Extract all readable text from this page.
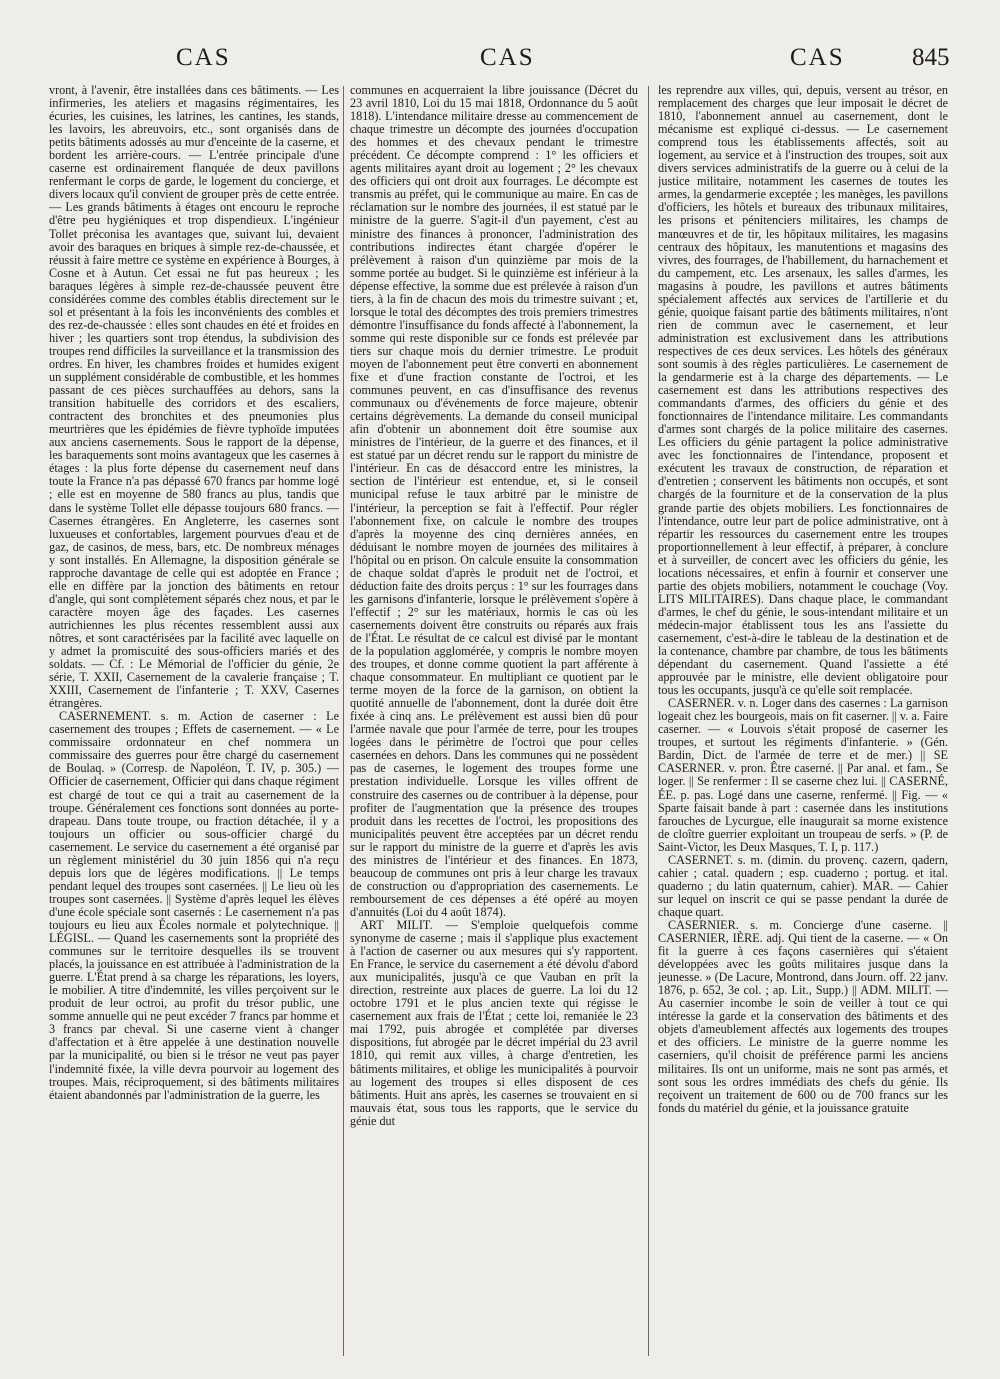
CAS	CAS	CAS	845

vront, à l'avenir, être installées dans ces bâtiments. — Les infirmeries, les ateliers et magasins régimentaires, les écuries, les cuisines, les latrines, les cantines, les stands, les lavoirs, les abreuvoirs, etc., sont organisés dans de petits bâtiments adossés au mur d'enceinte de la caserne, et bordent les arrière-cours. — L'entrée principale d'une caserne est ordinairement flanquée de deux pavillons renfermant le corps de garde, le logement du concierge, et divers locaux qu'il convient de grouper près de cette entrée. — Les grands bâtiments à étages ont encouru le reproche d'être peu hygiéniques et trop dispendieux. L'ingénieur Tollet préconisa les avantages que, suivant lui, devaient avoir des baraques en briques à simple rez-de-chaussée, et réussit à faire mettre ce système en expérience à Bourges, à Cosne et à Autun. Cet essai ne fut pas heureux ; les baraques légères à simple rez-de-chaussée peuvent être considérées comme des combles établis directement sur le sol et présentant à la fois les inconvénients des combles et des rez-de-chaussée : elles sont chaudes en été et froides en hiver ; les quartiers sont trop étendus, la subdivision des troupes rend difficiles la surveillance et la transmission des ordres. En hiver, les chambres froides et humides exigent un supplément considérable de combustible, et les hommes passant de ces pièces surchauffées au dehors, sans la transition habituelle des corridors et des escaliers, contractent des bronchites et des pneumonies plus meurtrières que les épidémies de fièvre typhoïde imputées aux anciens casernements. Sous le rapport de la dépense, les baraquements sont moins avantageux que les casernes à étages : la plus forte dépense du casernement neuf dans toute la France n'a pas dépassé 670 francs par homme logé ; elle est en moyenne de 580 francs au plus, tandis que dans le système Tollet elle dépasse toujours 680 francs. — Casernes étrangères. En Angleterre, les casernes sont luxueuses et confortables, largement pourvues d'eau et de gaz, de casinos, de mess, bars, etc. De nombreux ménages y sont installés. En Allemagne, la disposition générale se rapproche davantage de celle qui est adoptée en France ; elle en diffère par la jonction des bâtiments en retour d'angle, qui sont complètement séparés chez nous, et par le caractère moyen âge des façades. Les casernes autrichiennes les plus récentes ressemblent aussi aux nôtres, et sont caractérisées par la facilité avec laquelle on y admet la promiscuité des sous-officiers mariés et des soldats. — Cf. : Le Mémorial de l'officier du génie, 2e série, T. XXII, Casernement de la cavalerie française ; T. XXIII, Casernement de l'infanterie ; T. XXV, Casernes étrangères.

CASERNEMENT. s. m. Action de caserner : Le casernement des troupes ; Effets de casernement. — « Le commissaire ordonnateur en chef nommera un commissaire des guerres pour être chargé du casernement de Boulaq. » (Corresp. de Napoléon, T. IV, p. 305.) — Officier de casernement, Officier qui dans chaque régiment est chargé de tout ce qui a trait au casernement de la troupe. Généralement ces fonctions sont données au porte-drapeau. Dans toute troupe, ou fraction détachée, il y a toujours un officier ou sous-officier chargé du casernement. Le service du casernement a été organisé par un règlement ministériel du 30 juin 1856 qui n'a reçu depuis lors que de légères modifications. || Le temps pendant lequel des troupes sont casernées. || Le lieu où les troupes sont casernées. || Système d'après lequel les élèves d'une école spéciale sont casernés : Le casernement n'a pas toujours eu lieu aux Écoles normale et polytechnique. || LÉGISL. — Quand les casernements sont la propriété des communes sur le territoire desquelles ils se trouvent placés, la jouissance en est attribuée à l'administration de la guerre. L'État prend à sa charge les réparations, les loyers, le mobilier. A titre d'indemnité, les villes perçoivent sur le produit de leur octroi, au profit du trésor public, une somme annuelle qui ne peut excéder 7 francs par homme et 3 francs par cheval. Si une caserne vient à changer d'affectation et à être appelée à une destination nouvelle par la municipalité, ou bien si le trésor ne veut pas payer l'indemnité fixée, la ville devra pourvoir au logement des troupes. Mais, réciproquement, si des bâtiments militaires étaient abandonnés par l'administration de la guerre, les

communes en acquerraient la libre jouissance (Décret du 23 avril 1810, Loi du 15 mai 1818, Ordonnance du 5 août 1818). L'intendance militaire dresse au commencement de chaque trimestre un décompte des journées d'occupation des hommes et des chevaux pendant le trimestre précédent. Ce décompte comprend : 1° les officiers et agents militaires ayant droit au logement ; 2° les chevaux des officiers qui ont droit aux fourrages. Le décompte est transmis au préfet, qui le communique au maire. En cas de réclamation sur le nombre des journées, il est statué par le ministre de la guerre. S'agit-il d'un payement, c'est au ministre des finances à prononcer, l'administration des contributions indirectes étant chargée d'opérer le prélèvement à raison d'un quinzième par mois de la somme portée au budget. Si le quinzième est inférieur à la dépense effective, la somme due est prélevée à raison d'un tiers, à la fin de chacun des mois du trimestre suivant ; et, lorsque le total des décomptes des trois premiers trimestres démontre l'insuffisance du fonds affecté à l'abonnement, la somme qui reste disponible sur ce fonds est prélevée par tiers sur chaque mois du dernier trimestre. Le produit moyen de l'abonnement peut être converti en abonnement fixe et d'une fraction constante de l'octroi, et les communes peuvent, en cas d'insuffisance des revenus communaux ou d'événements de force majeure, obtenir certains dégrèvements. La demande du conseil municipal afin d'obtenir un abonnement doit être soumise aux ministres de l'intérieur, de la guerre et des finances, et il est statué par un décret rendu sur le rapport du ministre de l'intérieur. En cas de désaccord entre les ministres, la section de l'intérieur est entendue, et, si le conseil municipal refuse le taux arbitré par le ministre de l'intérieur, la perception se fait à l'effectif. Pour régler l'abonnement fixe, on calcule le nombre des troupes d'après la moyenne des cinq dernières années, en déduisant le nombre moyen de journées des militaires à l'hôpital ou en prison. On calcule ensuite la consommation de chaque soldat d'après le produit net de l'octroi, et déduction faite des droits perçus : 1° sur les fourrages dans les garnisons d'infanterie, lorsque le prélèvement s'opère à l'effectif ; 2° sur les matériaux, hormis le cas où les casernements doivent être construits ou réparés aux frais de l'État. Le résultat de ce calcul est divisé par le montant de la population agglomérée, y compris le nombre moyen des troupes, et donne comme quotient la part afférente à chaque consommateur. En multipliant ce quotient par le terme moyen de la force de la garnison, on obtient la quotité annuelle de l'abonnement, dont la durée doit être fixée à cinq ans. Le prélèvement est aussi bien dû pour l'armée navale que pour l'armée de terre, pour les troupes logées dans le périmètre de l'octroi que pour celles casernées en dehors. Dans les communes qui ne possèdent pas de casernes, le logement des troupes forme une prestation individuelle. Lorsque les villes offrent de construire des casernes ou de contribuer à la dépense, pour profiter de l'augmentation que la présence des troupes produit dans les recettes de l'octroi, les propositions des municipalités peuvent être acceptées par un décret rendu sur le rapport du ministre de la guerre et d'après les avis des ministres de l'intérieur et des finances. En 1873, beaucoup de communes ont pris à leur charge les travaux de construction ou d'appropriation des casernements. Le remboursement de ces dépenses a été opéré au moyen d'annuités (Loi du 4 août 1874).

ART MILIT. — S'emploie quelquefois comme synonyme de caserne ; mais il s'applique plus exactement à l'action de caserner ou aux mesures qui s'y rapportent. En France, le service du casernement a été dévolu d'abord aux municipalités, jusqu'à ce que Vauban en prît la direction, restreinte aux places de guerre. La loi du 12 octobre 1791 et le plus ancien texte qui régisse le casernement aux frais de l'État ; cette loi, remaniée le 23 mai 1792, puis abrogée et complétée par diverses dispositions, fut abrogée par le décret impérial du 23 avril 1810, qui remit aux villes, à charge d'entretien, les bâtiments militaires, et oblige les municipalités à pourvoir au logement des troupes si elles disposent de ces bâtiments. Huit ans après, les casernes se trouvaient en si mauvais état, sous tous les rapports, que le service du génie dut

les reprendre aux villes, qui, depuis, versent au trésor, en remplacement des charges que leur imposait le décret de 1810, l'abonnement annuel au casernement, dont le mécanisme est expliqué ci-dessus. — Le casernement comprend tous les établissements affectés, soit au logement, au service et à l'instruction des troupes, soit aux divers services administratifs de la guerre ou à celui de la justice militaire, notamment les casernes de toutes les armes, la gendarmerie exceptée ; les manèges, les pavillons d'officiers, les hôtels et bureaux des tribunaux militaires, les prisons et pénitenciers militaires, les champs de manœuvres et de tir, les hôpitaux militaires, les magasins centraux des hôpitaux, les manutentions et magasins des vivres, des fourrages, de l'habillement, du harnachement et du campement, etc. Les arsenaux, les salles d'armes, les magasins à poudre, les pavillons et autres bâtiments spécialement affectés aux services de l'artillerie et du génie, quoique faisant partie des bâtiments militaires, n'ont rien de commun avec le casernement, et leur administration est exclusivement dans les attributions respectives de ces deux services. Les hôtels des généraux sont soumis à des règles particulières. Le casernement de la gendarmerie est à la charge des départements. — Le casernement est dans les attributions respectives des commandants d'armes, des officiers du génie et des fonctionnaires de l'intendance militaire. Les commandants d'armes sont chargés de la police militaire des casernes. Les officiers du génie partagent la police administrative avec les fonctionnaires de l'intendance, proposent et exécutent les travaux de construction, de réparation et d'entretien ; conservent les bâtiments non occupés, et sont chargés de la fourniture et de la conservation de la plus grande partie des objets mobiliers. Les fonctionnaires de l'intendance, outre leur part de police administrative, ont à répartir les ressources du casernement entre les troupes proportionnellement à leur effectif, à préparer, à conclure et à surveiller, de concert avec les officiers du génie, les locations nécessaires, et enfin à fournir et conserver une partie des objets mobiliers, notamment le couchage (Voy. LITS MILITAIRES). Dans chaque place, le commandant d'armes, le chef du génie, le sous-intendant militaire et un médecin-major établissent tous les ans l'assiette du casernement, c'est-à-dire le tableau de la destination et de la contenance, chambre par chambre, de tous les bâtiments dépendant du casernement. Quand l'assiette a été approuvée par le ministre, elle devient obligatoire pour tous les occupants, jusqu'à ce qu'elle soit remplacée.

CASERNER. v. n. Loger dans des casernes : La garnison logeait chez les bourgeois, mais on fit caserner. || v. a. Faire caserner. — « Louvois s'était proposé de caserner les troupes, et surtout les régiments d'infanterie. » (Gén. Bardin, Dict. de l'armée de terre et de mer.) || SE CASERNER. v. pron. Être caserné. || Par anal. et fam., Se loger. || Se renfermer : Il se caserne chez lui. || CASERNÉ, ÉE. p. pas. Logé dans une caserne, renfermé. || Fig. — « Sparte faisait bande à part : casernée dans les institutions farouches de Lycurgue, elle inaugurait sa morne existence de cloître guerrier exploitant un troupeau de serfs. » (P. de Saint-Victor, les Deux Masques, T. I, p. 117.)

CASERNET. s. m. (dimin. du provenç. cazern, qadern, cahier ; catal. quadern ; esp. cuaderno ; portug. et ital. quaderno ; du latin quaternum, cahier). MAR. — Cahier sur lequel on inscrit ce qui se passe pendant la durée de chaque quart.

CASERNIER. s. m. Concierge d'une caserne. || CASERNIER, IÈRE. adj. Qui tient de la caserne. — « On fit la guerre à ces façons casernières qui s'étaient développées avec les goûts militaires jusque dans la jeunesse. » (De Lacure, Montrond, dans Journ. off. 22 janv. 1876, p. 652, 3e col. ; ap. Lit., Supp.) || ADM. MILIT. — Au casernier incombe le soin de veiller à tout ce qui intéresse la garde et la conservation des bâtiments et des objets d'ameublement affectés aux logements des troupes et des officiers. Le ministre de la guerre nomme les caserniers, qu'il choisit de préférence parmi les anciens militaires. Ils ont un uniforme, mais ne sont pas armés, et sont sous les ordres immédiats des chefs du génie. Ils reçoivent un traitement de 600 ou de 700 francs sur les fonds du matériel du génie, et la jouissance gratuite
